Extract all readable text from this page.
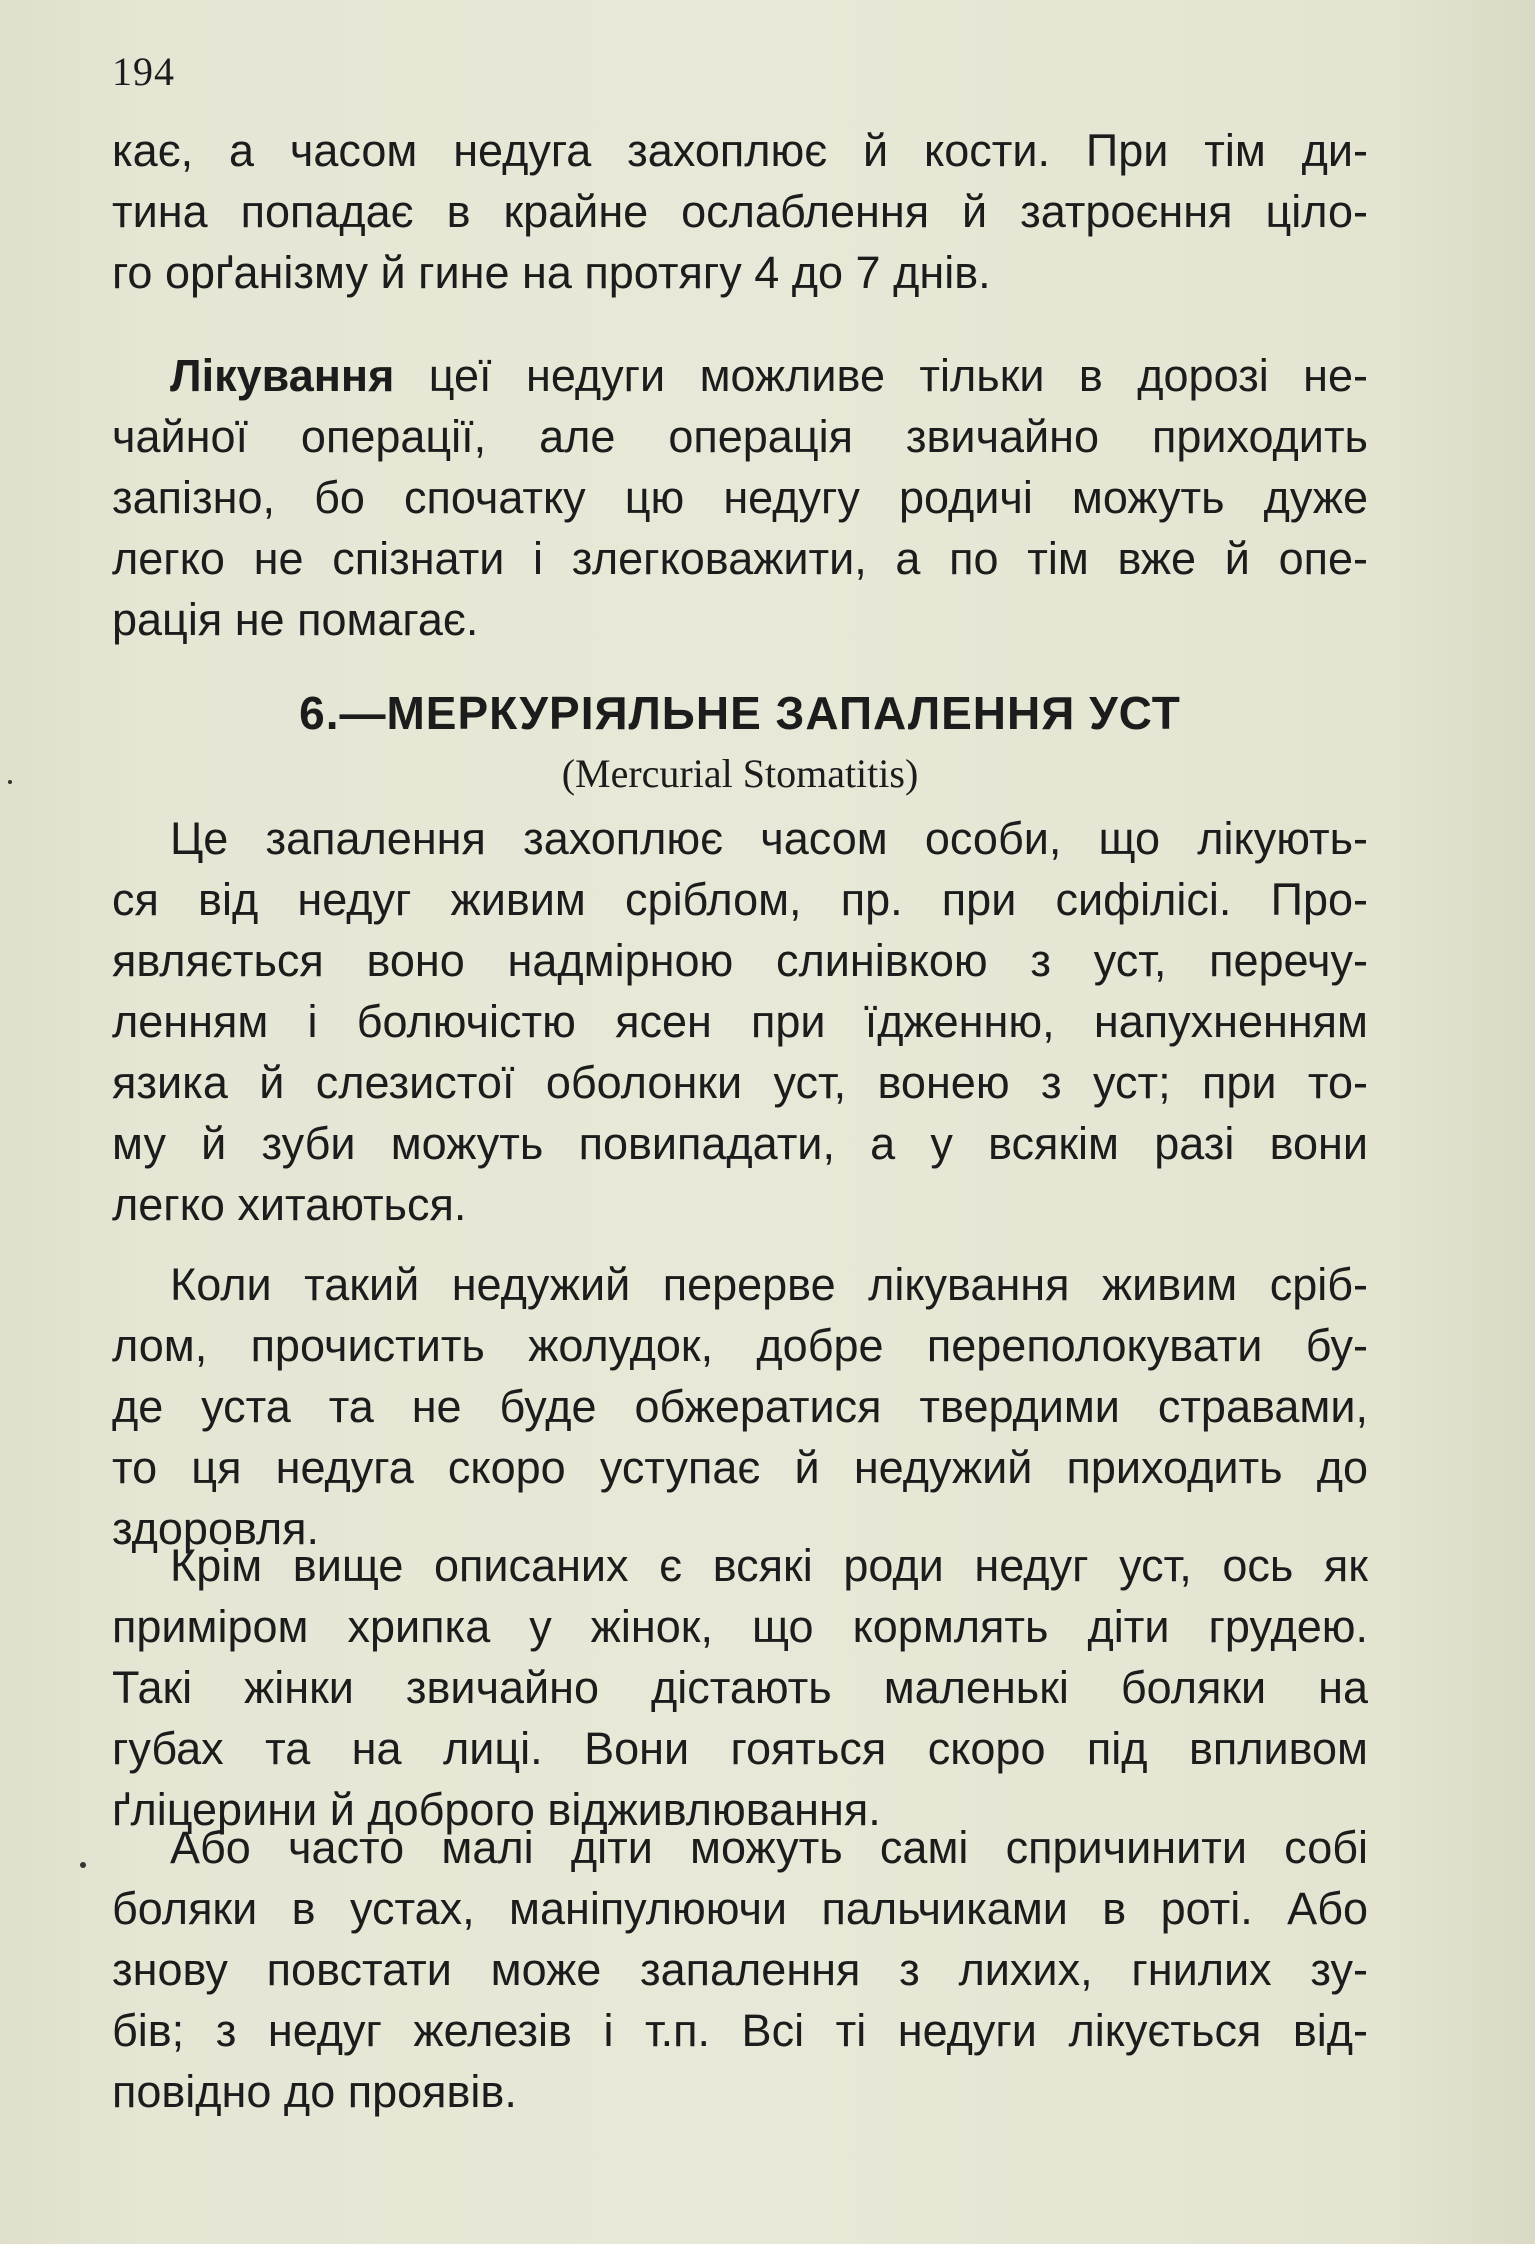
194
кає, а часом недуга захоплює й кости. При тім ди-
тина попадає в крайне ослаблення й затроєння ціло-
го орґанізму й гине на протягу 4 до 7 днів.
Лікування цеї недуги можливе тільки в дорозі не-
чайної операції, але операція звичайно приходить
запізно, бо спочатку цю недугу родичі можуть дуже
легко не спізнати і злегковажити, а по тім вже й опе-
рація не помагає.
6.—МЕРКУРІЯЛЬНЕ ЗАПАЛЕННЯ УСТ
(Mercurial Stomatitis)
Це запалення захоплює часом особи, що лікують-
ся від недуг живим сріблом, пр. при сифілісі. Про-
являється воно надмірною слинівкою з уст, перечу-
ленням і болючістю ясен при їдженню, напухненням
язика й слезистої оболонки уст, вонею з уст; при то-
му й зуби можуть повипадати, а у всякім разі вони
легко хитаються.
Коли такий недужий перерве лікування живим сріб-
лом, прочистить жолудок, добре переполокувати бу-
де уста та не буде обжератися твердими стравами,
то ця недуга скоро уступає й недужий приходить до
здоровля.
Крім вище описаних є всякі роди недуг уст, ось як
приміром хрипка у жінок, що кормлять діти грудею.
Такі жінки звичайно дістають маленькі боляки на
губах та на лиці. Вони гояться скоро під впливом
ґліцерини й доброго відживлювання.
Або часто малі діти можуть самі спричинити собі
боляки в устах, маніпулюючи пальчиками в роті. Або
знову повстати може запалення з лихих, гнилих зу-
бів; з недуг железів і т.п. Всі ті недуги лікується від-
повідно до проявів.
